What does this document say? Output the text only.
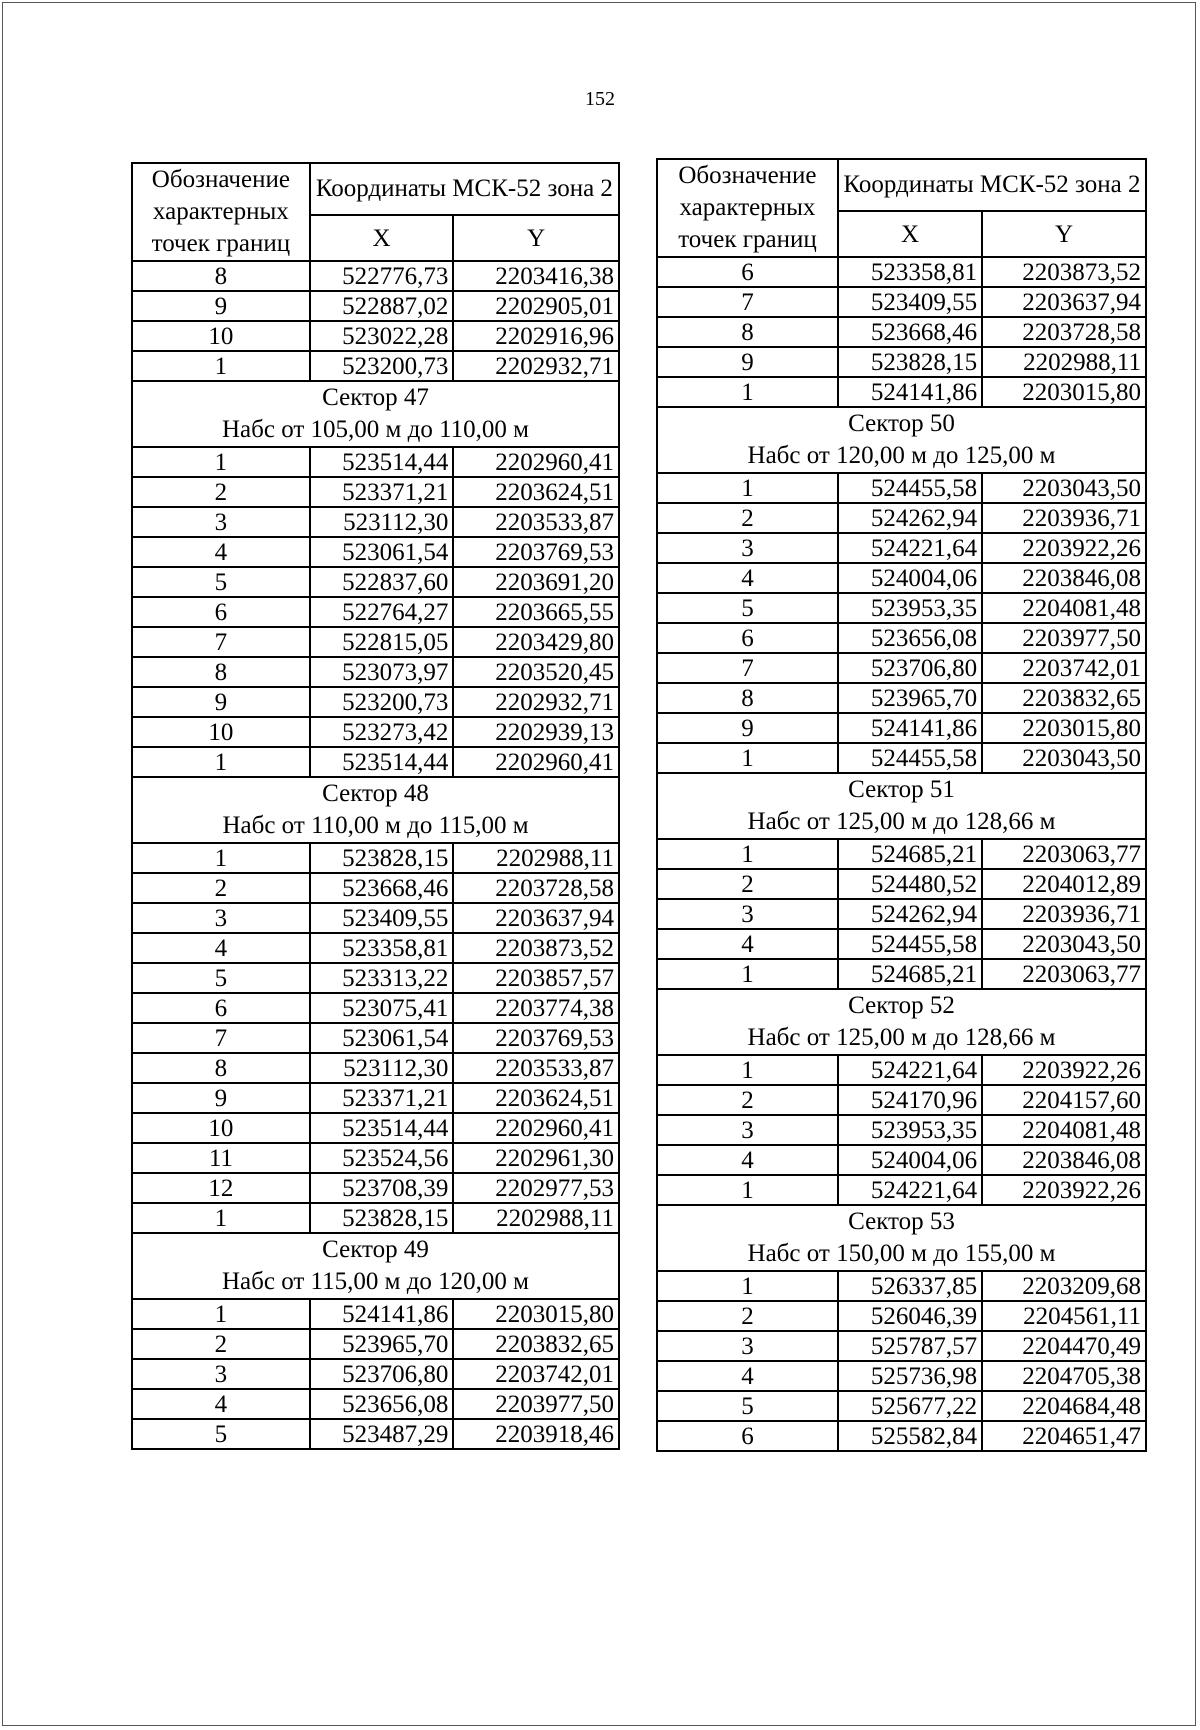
152
Обозначение характерных точек границ	Координаты МСК-52 зона 2	
	X	Y
8	522776,73	2203416,38
9	522887,02	2202905,01
10	523022,28	2202916,96
1	523200,73	2202932,71

Сектор 47
Набс от 105,00 м до 110,00 м		

1	523514,44	2202960,41
2	523371,21	2203624,51
3	523112,30	2203533,87
4	523061,54	2203769,53
5	522837,60	2203691,20
6	522764,27	2203665,55
7	522815,05	2203429,80
8	523073,97	2203520,45
9	523200,73	2202932,71
10	523273,42	2202939,13
1	523514,44	2202960,41

Сектор 48
Набс от 110,00 м до 115,00 м		

1	523828,15	2202988,11
2	523668,46	2203728,58
3	523409,55	2203637,94
4	523358,81	2203873,52
5	523313,22	2203857,57
6	523075,41	2203774,38
7	523061,54	2203769,53
8	523112,30	2203533,87
9	523371,21	2203624,51
10	523514,44	2202960,41
11	523524,56	2202961,30
12	523708,39	2202977,53
1	523828,15	2202988,11

Сектор 49
Набс от 115,00 м до 120,00 м		

1	524141,86	2203015,80
2	523965,70	2203832,65
3	523706,80	2203742,01
4	523656,08	2203977,50
5	523487,29	2203918,46
Обозначение характерных точек границ	Координаты МСК-52 зона 2	
	X	Y
6	523358,81	2203873,52
7	523409,55	2203637,94
8	523668,46	2203728,58
9	523828,15	2202988,11
1	524141,86	2203015,80

Сектор 50
Набс от 120,00 м до 125,00 м		

1	524455,58	2203043,50
2	524262,94	2203936,71
3	524221,64	2203922,26
4	524004,06	2203846,08
5	523953,35	2204081,48
6	523656,08	2203977,50
7	523706,80	2203742,01
8	523965,70	2203832,65
9	524141,86	2203015,80
1	524455,58	2203043,50

Сектор 51
Набс от 125,00 м до 128,66 м		

1	524685,21	2203063,77
2	524480,52	2204012,89
3	524262,94	2203936,71
4	524455,58	2203043,50
1	524685,21	2203063,77

Сектор 52
Набс от 125,00 м до 128,66 м		

1	524221,64	2203922,26
2	524170,96	2204157,60
3	523953,35	2204081,48
4	524004,06	2203846,08
1	524221,64	2203922,26

Сектор 53
Набс от 150,00 м до 155,00 м		

1	526337,85	2203209,68
2	526046,39	2204561,11
3	525787,57	2204470,49
4	525736,98	2204705,38
5	525677,22	2204684,48
6	525582,84	2204651,47
